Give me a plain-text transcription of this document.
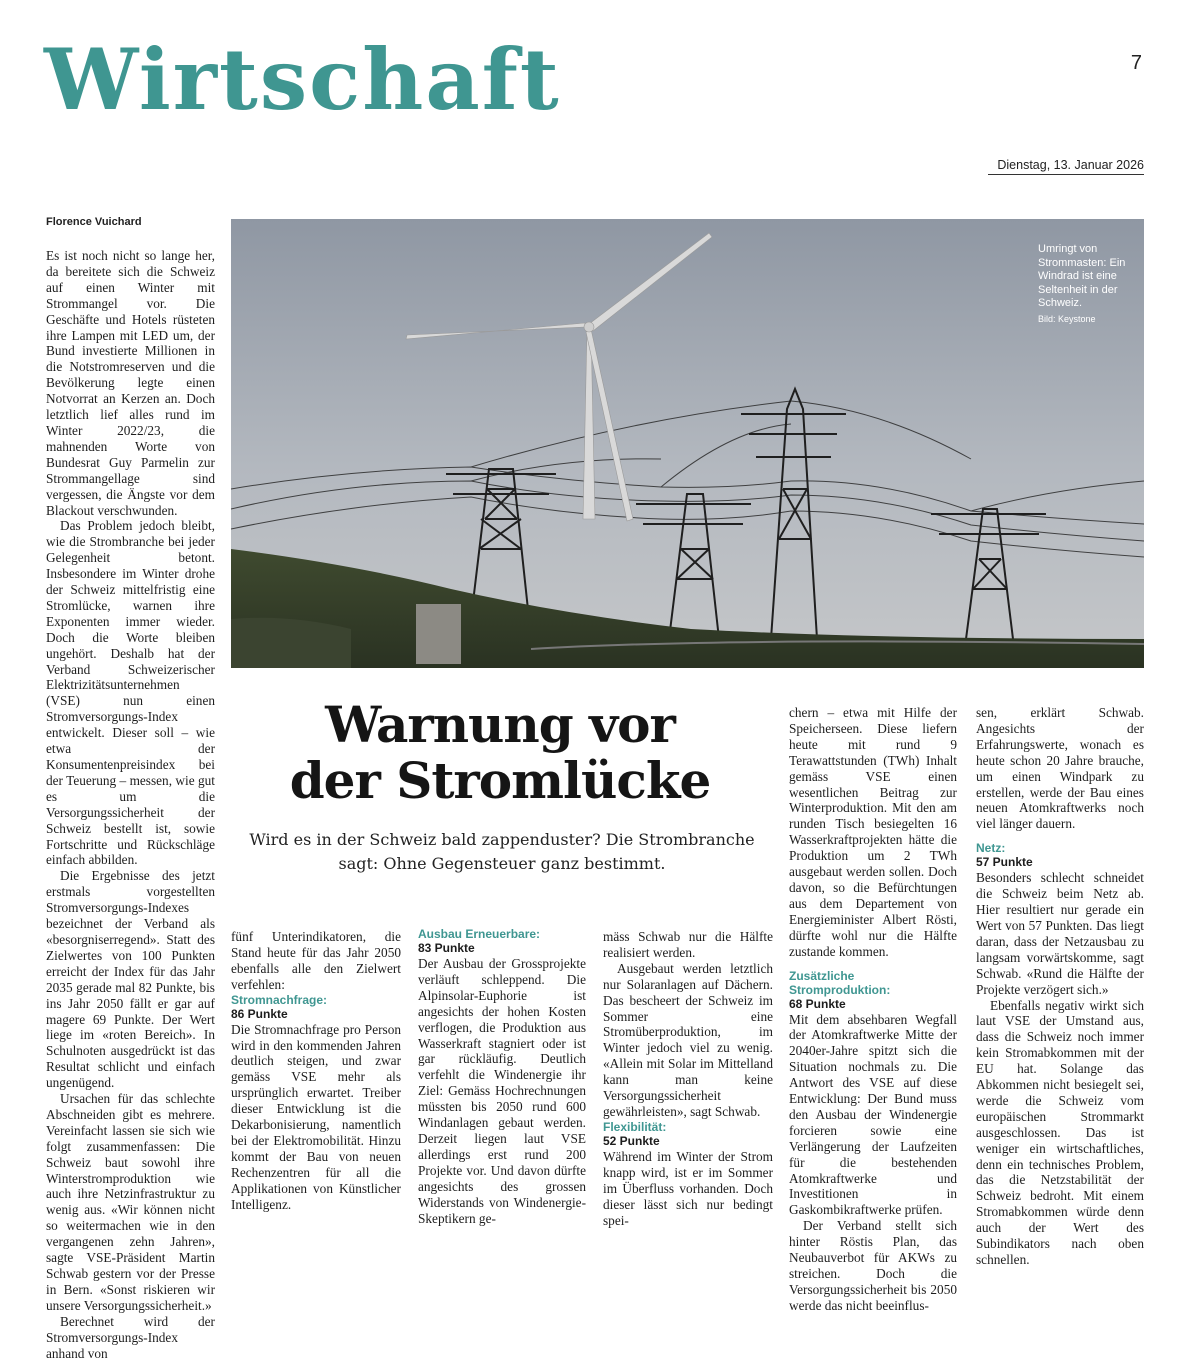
Wirtschaft	7
Dienstag, 13. Januar 2026
Florence Vuichard
Umringt von Strommasten: Ein Windrad ist eine Seltenheit in der Schweiz.
Bild: Keystone
Warnung vor
der Stromlücke
Wird es in der Schweiz bald zappenduster? Die Strombranche sagt: Ohne Gegensteuer ganz bestimmt.

Es ist noch nicht so lange her, da bereitete sich die Schweiz auf einen Winter mit Strommangel vor. Die Geschäfte und Hotels rüsteten ihre Lampen mit LED um, der Bund investierte Millionen in die Notstromreserven und die Bevölkerung legte einen Notvorrat an Kerzen an. Doch letztlich lief alles rund im Winter 2022/23, die mahnenden Worte von Bundesrat Guy Parmelin zur Strommangellage sind vergessen, die Ängste vor dem Blackout verschwunden.

Das Problem jedoch bleibt, wie die Strombranche bei jeder Gelegenheit betont. Insbesondere im Winter drohe der Schweiz mittelfristig eine Stromlücke, warnen ihre Exponenten immer wieder. Doch die Worte bleiben ungehört. Deshalb hat der Verband Schweizerischer Elektrizitätsunternehmen (VSE) nun einen Stromversorgungs-Index entwickelt. Dieser soll – wie etwa der Konsumentenpreisindex bei der Teuerung – messen, wie gut es um die Versorgungssicherheit der Schweiz bestellt ist, sowie Fortschritte und Rückschläge einfach abbilden.

Die Ergebnisse des jetzt erstmals vorgestellten Stromversorgungs-Indexes bezeichnet der Verband als «besorgniserregend». Statt des Zielwertes von 100 Punkten erreicht der Index für das Jahr 2035 gerade mal 82 Punkte, bis ins Jahr 2050 fällt er gar auf magere 69 Punkte. Der Wert liege im «roten Bereich». In Schulnoten ausgedrückt ist das Resultat schlicht und einfach ungenügend.

Ursachen für das schlechte Abschneiden gibt es mehrere. Vereinfacht lassen sie sich wie folgt zusammenfassen: Die Schweiz baut sowohl ihre Winterstromproduktion wie auch ihre Netzinfrastruktur zu wenig aus. «Wir können nicht so weitermachen wie in den vergangenen zehn Jahren», sagte VSE-Präsident Martin Schwab gestern vor der Presse in Bern. «Sonst riskieren wir unsere Versorgungssicherheit.»

Berechnet wird der Stromversorgungs-Index anhand von

fünf Unterindikatoren, die Stand heute für das Jahr 2050 ebenfalls alle den Zielwert verfehlen:

Stromnachfrage:

86 Punkte

Die Stromnachfrage pro Person wird in den kommenden Jahren deutlich steigen, und zwar gemäss VSE mehr als ursprünglich erwartet. Treiber dieser Entwicklung ist die Dekarbonisierung, namentlich bei der Elektromobilität. Hinzu kommt der Bau von neuen Rechenzentren für all die Applikationen von Künstlicher Intelligenz.

Ausbau Erneuerbare:

83 Punkte

Der Ausbau der Grossprojekte verläuft schleppend. Die Alpinsolar-Euphorie ist angesichts der hohen Kosten verflogen, die Produktion aus Wasserkraft stagniert oder ist gar rückläufig. Deutlich verfehlt die Windenergie ihr Ziel: Gemäss Hochrechnungen müssten bis 2050 rund 600 Windanlagen gebaut werden. Derzeit liegen laut VSE allerdings erst rund 200 Projekte vor. Und davon dürfte angesichts des grossen Widerstands von Windenergie-Skeptikern ge-

mäss Schwab nur die Hälfte realisiert werden.

Ausgebaut werden letztlich nur Solaranlagen auf Dächern. Das bescheert der Schweiz im Sommer eine Stromüberproduktion, im Winter jedoch viel zu wenig. «Allein mit Solar im Mittelland kann man keine Versorgungssicherheit gewährleisten», sagt Schwab.

Flexibilität:

52 Punkte

Während im Winter der Strom knapp wird, ist er im Sommer im Überfluss vorhanden. Doch dieser lässt sich nur bedingt spei-

chern – etwa mit Hilfe der Speicherseen. Diese liefern heute mit rund 9 Terawattstunden (TWh) Inhalt gemäss VSE einen wesentlichen Beitrag zur Winterproduktion. Mit den am runden Tisch besiegelten 16 Wasserkraftprojekten hätte die Produktion um 2 TWh ausgebaut werden sollen. Doch davon, so die Befürchtungen aus dem Departement von Energieminister Albert Rösti, dürfte wohl nur die Hälfte zustande kommen.

Zusätzliche Stromproduktion:

68 Punkte

Mit dem absehbaren Wegfall der Atomkraftwerke Mitte der 2040er-Jahre spitzt sich die Situation nochmals zu. Die Antwort des VSE auf diese Entwicklung: Der Bund muss den Ausbau der Windenergie forcieren sowie eine Verlängerung der Laufzeiten für die bestehenden Atomkraftwerke und Investitionen in Gaskombikraftwerke prüfen.

Der Verband stellt sich hinter Röstis Plan, das Neubauverbot für AKWs zu streichen. Doch die Versorgungssicherheit bis 2050 werde das nicht beeinflus-

sen, erklärt Schwab. Angesichts der Erfahrungswerte, wonach es heute schon 20 Jahre brauche, um einen Windpark zu erstellen, werde der Bau eines neuen Atomkraftwerks noch viel länger dauern.

Netz:

57 Punkte

Besonders schlecht schneidet die Schweiz beim Netz ab. Hier resultiert nur gerade ein Wert von 57 Punkten. Das liegt daran, dass der Netzausbau zu langsam vorwärtskomme, sagt Schwab. «Rund die Hälfte der Projekte verzögert sich.»

Ebenfalls negativ wirkt sich laut VSE der Umstand aus, dass die Schweiz noch immer kein Stromabkommen mit der EU hat. Solange das Abkommen nicht besiegelt sei, werde die Schweiz vom europäischen Strommarkt ausgeschlossen. Das ist weniger ein wirtschaftliches, denn ein technisches Problem, das die Netzstabilität der Schweiz bedroht. Mit einem Stromabkommen würde denn auch der Wert des Subindikators nach oben schnellen.
